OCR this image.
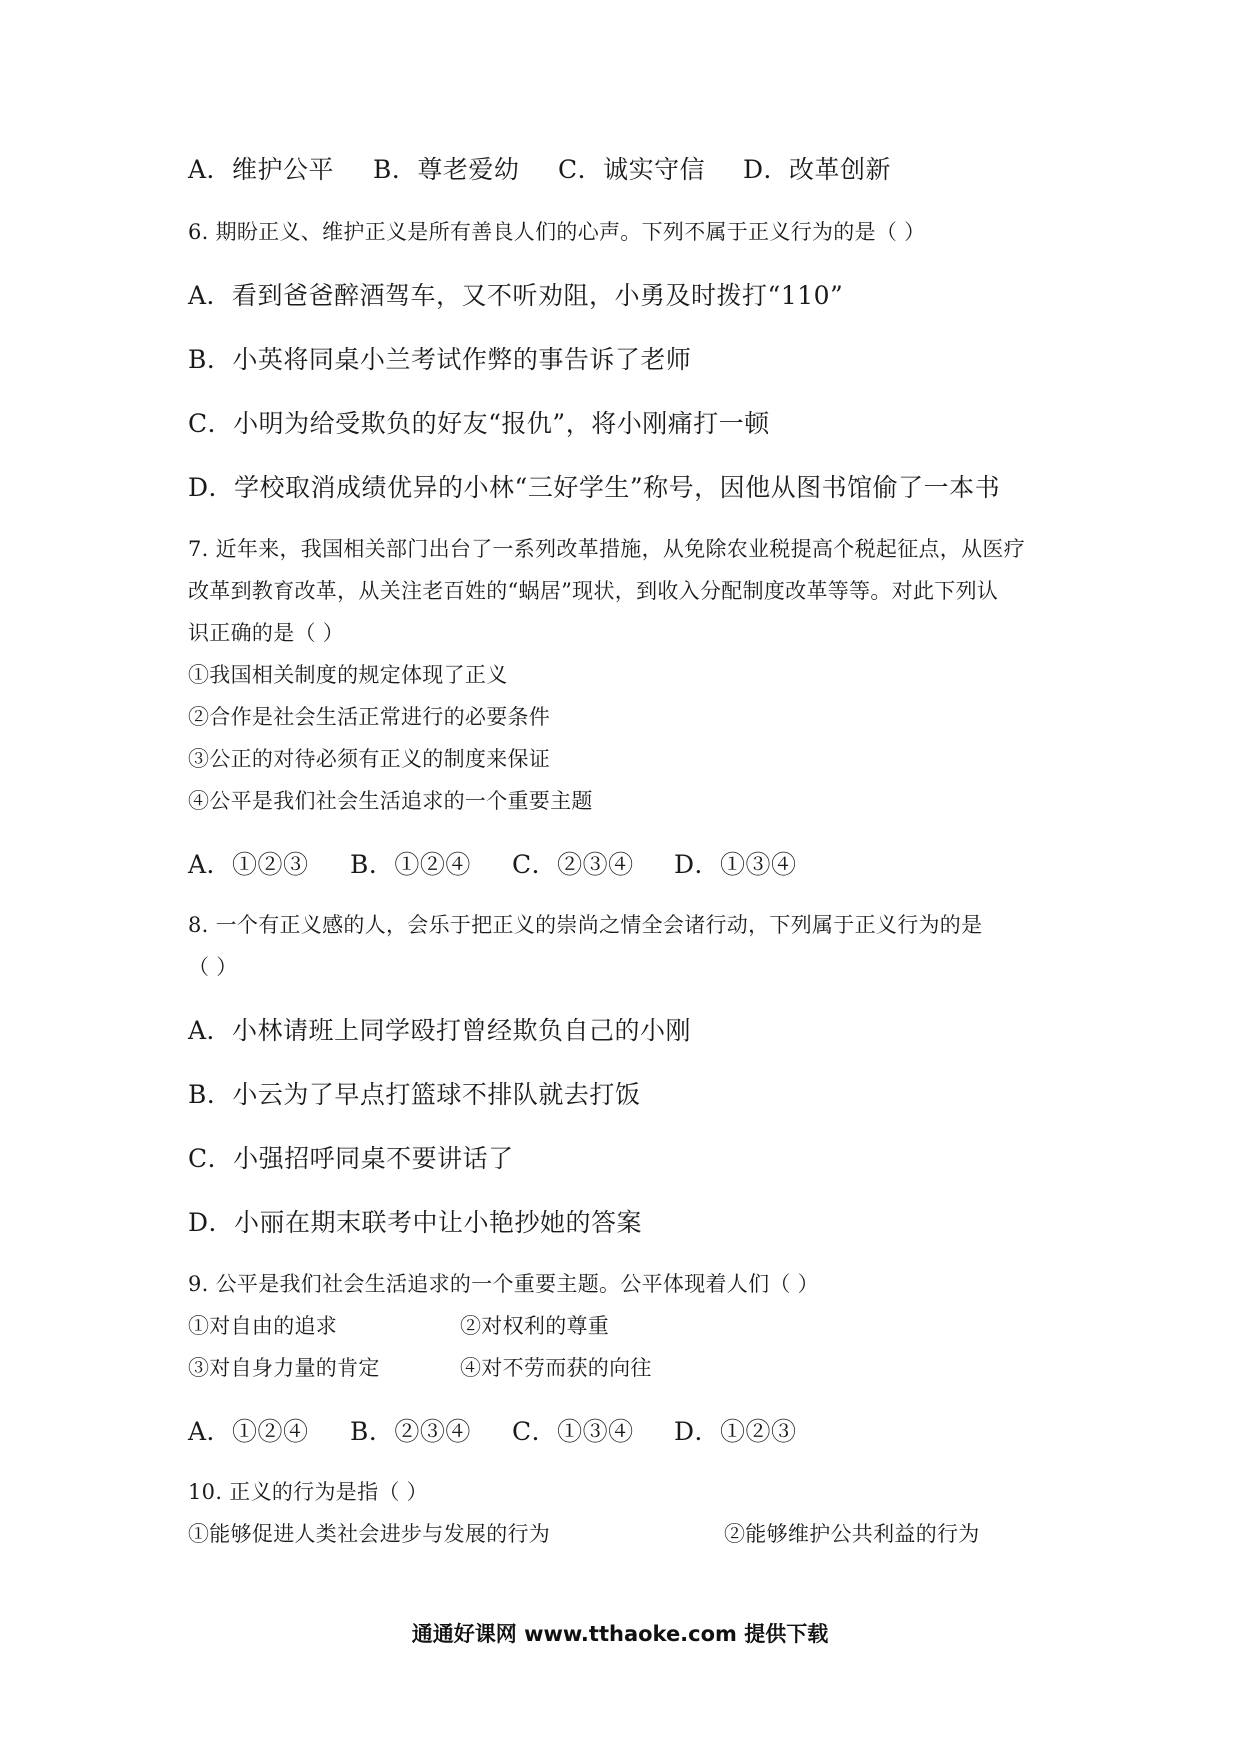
A．维护公平 B．尊老爱幼 C．诚实守信 D．改革创新
6. 期盼正义、维护正义是所有善良人们的心声。下列不属于正义行为的是（ ）
A．看到爸爸醉酒驾车，又不听劝阻，小勇及时拨打“110”
B．小英将同桌小兰考试作弊的事告诉了老师
C．小明为给受欺负的好友“报仇”，将小刚痛打一顿
D．学校取消成绩优异的小林“三好学生”称号，因他从图书馆偷了一本书
7. 近年来，我国相关部门出台了一系列改革措施，从免除农业税提高个税起征点，从医疗
改革到教育改革，从关注老百姓的“蜗居”现状，到收入分配制度改革等等。对此下列认
识正确的是（ ）
①我国相关制度的规定体现了正义
②合作是社会生活正常进行的必要条件
③公正的对待必须有正义的制度来保证
④公平是我们社会生活追求的一个重要主题
A．①②③ B．①②④ C．②③④ D．①③④
8. 一个有正义感的人，会乐于把正义的崇尚之情全会诸行动，下列属于正义行为的是
（ ）
A．小林请班上同学殴打曾经欺负自己的小刚
B．小云为了早点打篮球不排队就去打饭
C．小强招呼同桌不要讲话了
D．小丽在期末联考中让小艳抄她的答案
9. 公平是我们社会生活追求的一个重要主题。公平体现着人们（ ）
①对自由的追求	②对权利的尊重
③对自身力量的肯定	④对不劳而获的向往
A．①②④ B．②③④ C．①③④ D．①②③
10. 正义的行为是指（ ）
①能够促进人类社会进步与发展的行为	②能够维护公共利益的行为
通通好课网 www.tthaoke.com 提供下载
